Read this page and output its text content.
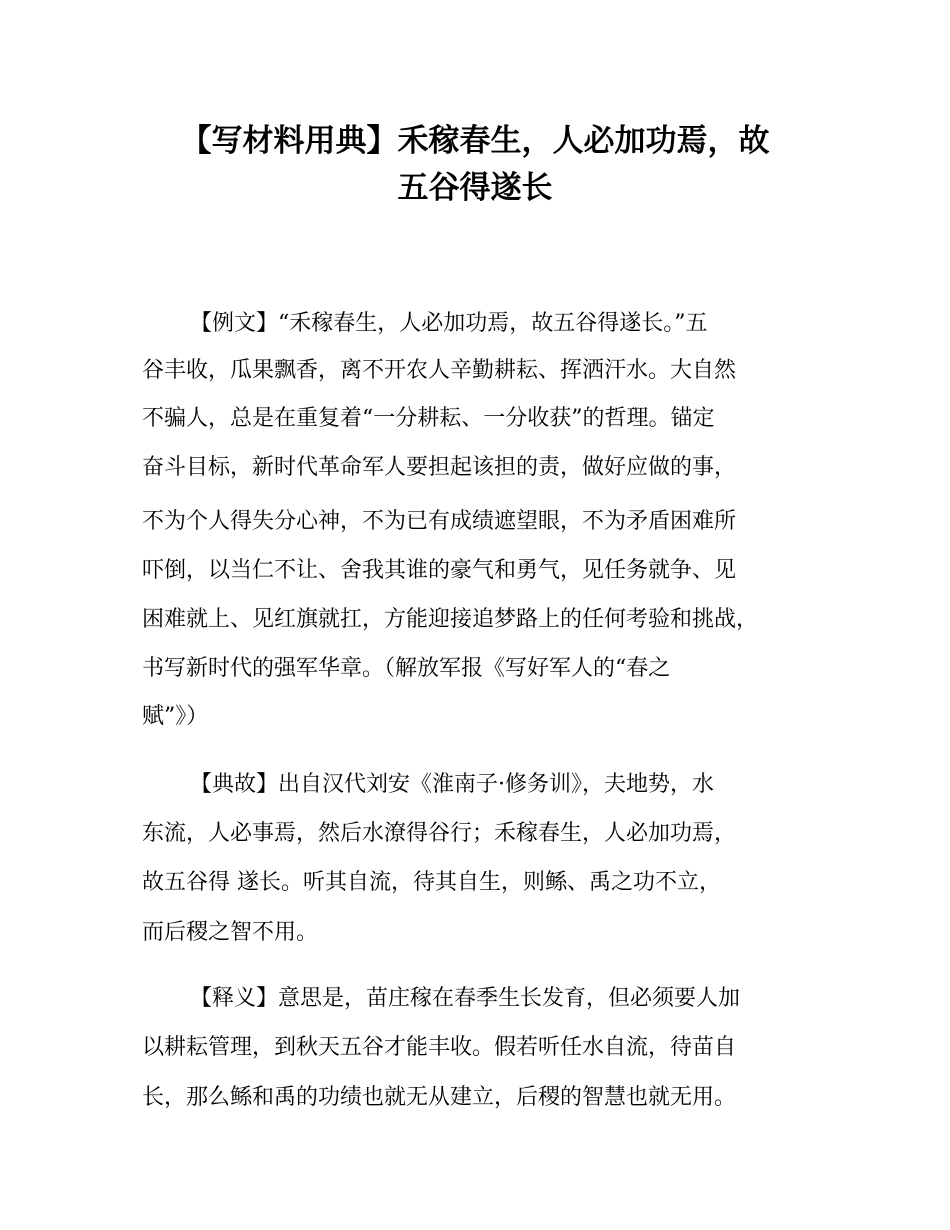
【写材料用典】禾稼春生，人必加功焉，故
五谷得遂长

【例文】“禾稼春生，人必加功焉，故五谷得遂长。”五

谷丰收，瓜果飘香，离不开农人辛勤耕耘、挥洒汗水。大自然

不骗人，总是在重复着“一分耕耘、一分收获”的哲理。锚定

奋斗目标，新时代革命军人要担起该担的责，做好应做的事，

不为个人得失分心神，不为已有成绩遮望眼，不为矛盾困难所

吓倒，以当仁不让、舍我其谁的豪气和勇气，见任务就争、见

困难就上、见红旗就扛，方能迎接追梦路上的任何考验和挑战，

书写新时代的强军华章。（解放军报《写好军人的“春之

赋”》）

【典故】出自汉代刘安《淮南子·修务训》，夫地势，水

东流，人必事焉，然后水潦得谷行；禾稼春生，人必加功焉，

故五谷得 遂长。听其自流，待其自生，则鲧、禹之功不立，

而后稷之智不用。

【释义】意思是，苗庄稼在春季生长发育，但必须要人加

以耕耘管理，到秋天五谷才能丰收。假若听任水自流，待苗自

长，那么鲧和禹的功绩也就无从建立，后稷的智慧也就无用。
